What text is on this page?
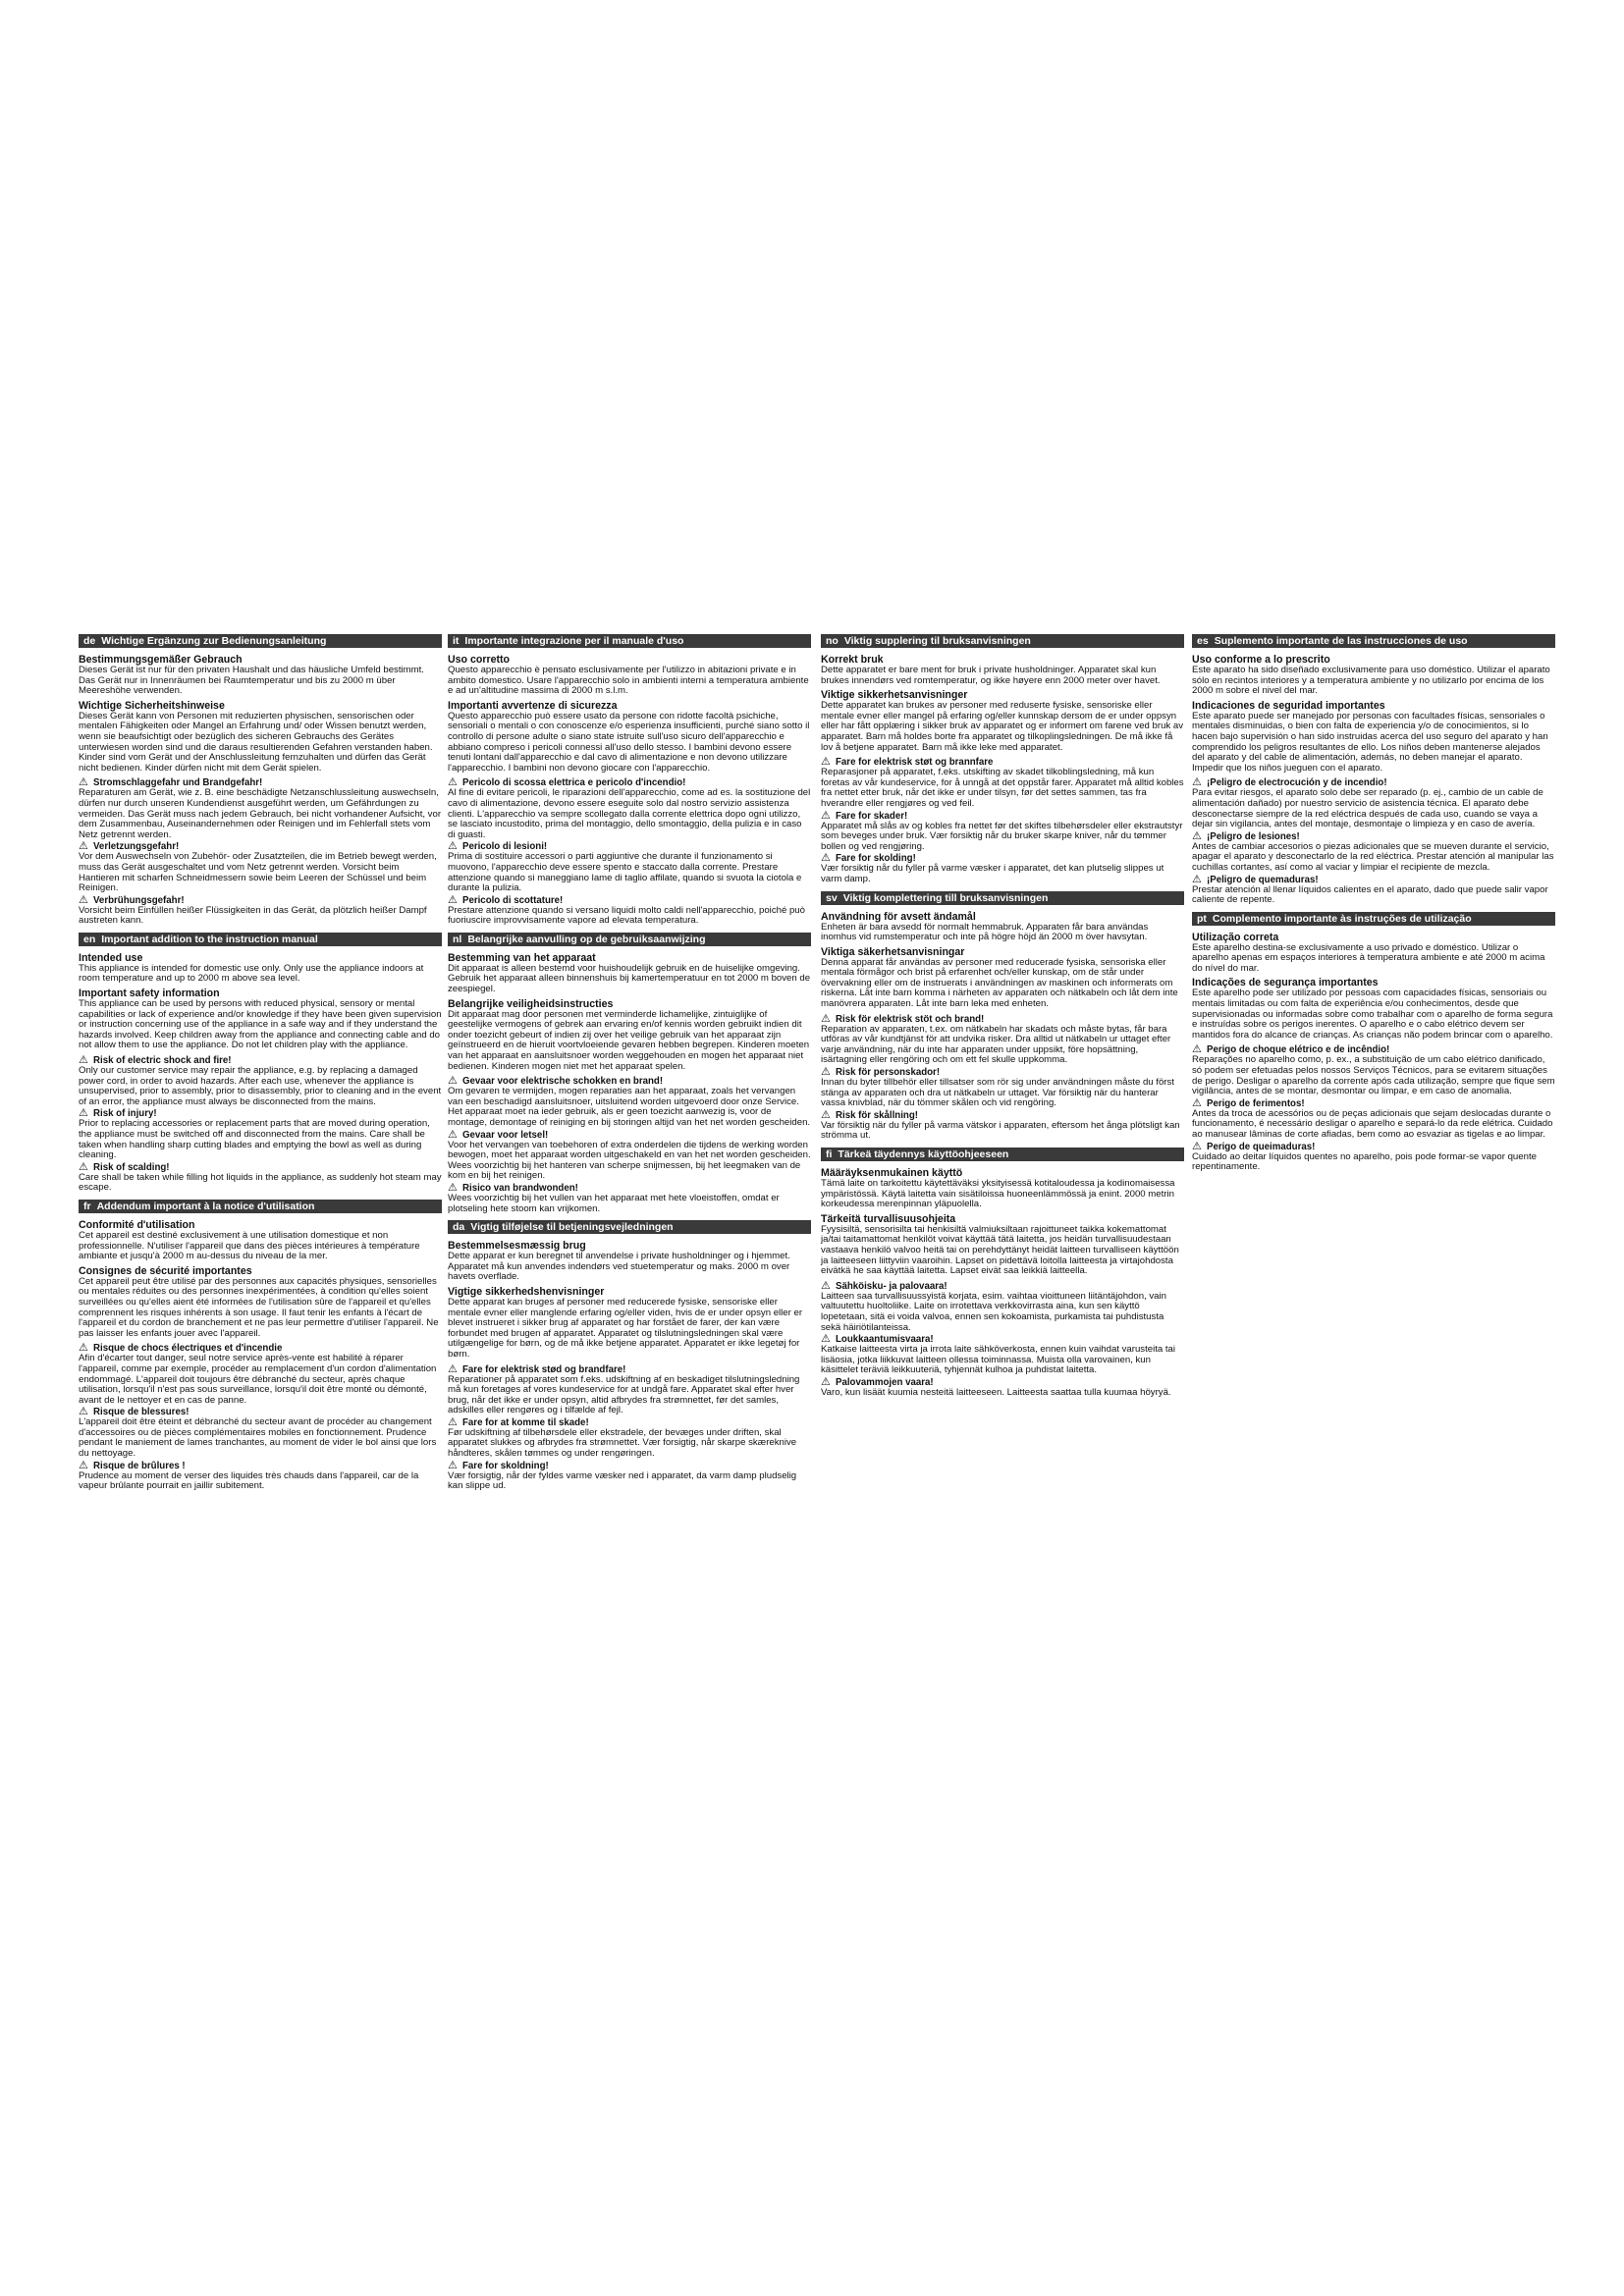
de Wichtige Ergänzung zur Bedienungsanleitung
Bestimmungsgemäßer Gebrauch
Dieses Gerät ist nur für den privaten Haushalt und das häusliche Umfeld bestimmt. Das Gerät nur in Innenräumen bei Raumtemperatur und bis zu 2000 m über Meereshöhe verwenden.
Wichtige Sicherheitshinweise
Dieses Gerät kann von Personen mit reduzierten physischen, sensorischen oder mentalen Fähigkeiten oder Mangel an Erfahrung und/ oder Wissen benutzt werden, wenn sie beaufsichtigt oder bezüglich des sicheren Gebrauchs des Gerätes unterwiesen worden sind und die daraus resultierenden Gefahren verstanden haben. Kinder sind vom Gerät und der Anschlussleitung fernzuhalten und dürfen das Gerät nicht bedienen. Kinder dürfen nicht mit dem Gerät spielen.
⚠ Stromschlaggefahr und Brandgefahr!
Reparaturen am Gerät, wie z. B. eine beschädigte Netzanschlussleitung auswechseln, dürfen nur durch unseren Kundendienst ausgeführt werden, um Gefährdungen zu vermeiden. Das Gerät muss nach jedem Gebrauch, bei nicht vorhandener Aufsicht, vor dem Zusammenbau, Auseinandernehmen oder Reinigen und im Fehlerfall stets vom Netz getrennt werden.
⚠ Verletzungsgefahr!
Vor dem Auswechseln von Zubehör- oder Zusatzteilen, die im Betrieb bewegt werden, muss das Gerät ausgeschaltet und vom Netz getrennt werden. Vorsicht beim Hantieren mit scharfen Schneidmessern sowie beim Leeren der Schüssel und beim Reinigen.
⚠ Verbrühungsgefahr!
Vorsicht beim Einfüllen heißer Flüssigkeiten in das Gerät, da plötzlich heißer Dampf austreten kann.
en Important addition to the instruction manual
Intended use
This appliance is intended for domestic use only. Only use the appliance indoors at room temperature and up to 2000 m above sea level.
Important safety information
This appliance can be used by persons with reduced physical, sensory or mental capabilities or lack of experience and/or knowledge if they have been given supervision or instruction concerning use of the appliance in a safe way and if they understand the hazards involved. Keep children away from the appliance and connecting cable and do not allow them to use the appliance. Do not let children play with the appliance.
⚠ Risk of electric shock and fire!
Only our customer service may repair the appliance, e.g. by replacing a damaged power cord, in order to avoid hazards. After each use, whenever the appliance is unsupervised, prior to assembly, prior to disassembly, prior to cleaning and in the event of an error, the appliance must always be disconnected from the mains.
⚠ Risk of injury!
Prior to replacing accessories or replacement parts that are moved during operation, the appliance must be switched off and disconnected from the mains. Care shall be taken when handling sharp cutting blades and emptying the bowl as well as during cleaning.
⚠ Risk of scalding!
Care shall be taken while filling hot liquids in the appliance, as suddenly hot steam may escape.
fr Addendum important à la notice d'utilisation
Conformité d'utilisation
Cet appareil est destiné exclusivement à une utilisation domestique et non professionnelle. N'utiliser l'appareil que dans des pièces intérieures à température ambiante et jusqu'à 2000 m au-dessus du niveau de la mer.
Consignes de sécurité importantes
Cet appareil peut être utilisé par des personnes aux capacités physiques, sensorielles ou mentales réduites ou des personnes inexpérimentées, à condition qu'elles soient surveillées ou qu'elles aient été informées de l'utilisation sûre de l'appareil et qu'elles comprennent les risques inhérents à son usage. Il faut tenir les enfants à l'écart de l'appareil et du cordon de branchement et ne pas leur permettre d'utiliser l'appareil. Ne pas laisser les enfants jouer avec l'appareil.
⚠ Risque de chocs électriques et d'incendie
Afin d'écarter tout danger, seul notre service après-vente est habilité à réparer l'appareil, comme par exemple, procéder au remplacement d'un cordon d'alimentation endommagé. L'appareil doit toujours être débranché du secteur, après chaque utilisation, lorsqu'il n'est pas sous surveillance, lorsqu'il doit être monté ou démonté, avant de le nettoyer et en cas de panne.
⚠ Risque de blessures!
L'appareil doit être éteint et débranché du secteur avant de procéder au changement d'accessoires ou de pièces complémentaires mobiles en fonctionnement. Prudence pendant le maniement de lames tranchantes, au moment de vider le bol ainsi que lors du nettoyage.
⚠ Risque de brûlures !
Prudence au moment de verser des liquides très chauds dans l'appareil, car de la vapeur brûlante pourrait en jaillir subitement.
it Importante integrazione per il manuale d'uso
Uso corretto
Questo apparecchio è pensato esclusivamente per l'utilizzo in abitazioni private e in ambito domestico. Usare l'apparecchio solo in ambienti interni a temperatura ambiente e ad un'altitudine massima di 2000 m s.l.m.
Importanti avvertenze di sicurezza
Questo apparecchio può essere usato da persone con ridotte facoltà psichiche, sensoriali o mentali o con conoscenze e/o esperienza insufficienti, purché siano sotto il controllo di persone adulte o siano state istruite sull'uso sicuro dell'apparecchio e abbiano compreso i pericoli connessi all'uso dello stesso. I bambini devono essere tenuti lontani dall'apparecchio e dal cavo di alimentazione e non devono utilizzare l'apparecchio. I bambini non devono giocare con l'apparecchio.
⚠ Pericolo di scossa elettrica e pericolo d'incendio!
Al fine di evitare pericoli, le riparazioni dell'apparecchio, come ad es. la sostituzione del cavo di alimentazione, devono essere eseguite solo dal nostro servizio assistenza clienti. L'apparecchio va sempre scollegato dalla corrente elettrica dopo ogni utilizzo, se lasciato incustodito, prima del montaggio, dello smontaggio, della pulizia e in caso di guasti.
⚠ Pericolo di lesioni!
Prima di sostituire accessori o parti aggiuntive che durante il funzionamento si muovono, l'apparecchio deve essere spento e staccato dalla corrente. Prestare attenzione quando si maneggiano lame di taglio affilate, quando si svuota la ciotola e durante la pulizia.
⚠ Pericolo di scottature!
Prestare attenzione quando si versano liquidi molto caldi nell'apparecchio, poiché può fuoriuscire improvvisamente vapore ad elevata temperatura.
nl Belangrijke aanvulling op de gebruiksaanwijzing
Bestemming van het apparaat
Dit apparaat is alleen bestemd voor huishoudelijk gebruik en de huiselijke omgeving. Gebruik het apparaat alleen binnenshuis bij kamertemperatuur en tot 2000 m boven de zeespiegel.
Belangrijke veiligheidsinstructies
Dit apparaat mag door personen met verminderde lichamelijke, zintuiglijke of geestelijke vermogens of gebrek aan ervaring en/of kennis worden gebruikt indien dit onder toezicht gebeurt of indien zij over het veilige gebruik van het apparaat zijn geïnstrueerd en de hieruit voortvloeiende gevaren hebben begrepen. Kinderen moeten van het apparaat en aansluitsnoer worden weggehouden en mogen het apparaat niet bedienen. Kinderen mogen niet met het apparaat spelen.
⚠ Gevaar voor elektrische schokken en brand!
Om gevaren te vermijden, mogen reparaties aan het apparaat, zoals het vervangen van een beschadigd aansluitsnoer, uitsluitend worden uitgevoerd door onze Service. Het apparaat moet na ieder gebruik, als er geen toezicht aanwezig is, voor de montage, demontage of reiniging en bij storingen altijd van het net worden gescheiden.
⚠ Gevaar voor letsel!
Voor het vervangen van toebehoren of extra onderdelen die tijdens de werking worden bewogen, moet het apparaat worden uitgeschakeld en van het net worden gescheiden. Wees voorzichtig bij het hanteren van scherpe snijmessen, bij het leegmaken van de kom en bij het reinigen.
⚠ Risico van brandwonden!
Wees voorzichtig bij het vullen van het apparaat met hete vloeistoffen, omdat er plotseling hete stoom kan vrijkomen.
da Vigtig tilføjelse til betjeningsvejledningen
Bestemmelsesmæssig brug
Dette apparat er kun beregnet til anvendelse i private husholdninger og i hjemmet. Apparatet må kun anvendes indendørs ved stuetemperatur og maks. 2000 m over havets overflade.
Vigtige sikkerhedshenvisninger
Dette apparat kan bruges af personer med reducerede fysiske, sensoriske eller mentale evner eller manglende erfaring og/eller viden, hvis de er under opsyn eller er blevet instrueret i sikker brug af apparatet og har forstået de farer, der kan være forbundet med brugen af apparatet. Apparatet og tilslutningsledningen skal være utilgængelige for børn, og de må ikke betjene apparatet. Apparatet er ikke legetøj for børn.
⚠ Fare for elektrisk stød og brandfare!
Reparationer på apparatet som f.eks. udskiftning af en beskadiget tilslutningsledning må kun foretages af vores kundeservice for at undgå fare. Apparatet skal efter hver brug, når det ikke er under opsyn, altid afbrydes fra strømnettet, før det samles, adskilles eller rengøres og i tilfælde af fejl.
⚠ Fare for at komme til skade!
Før udskiftning af tilbehørsdele eller ekstradele, der bevæges under driften, skal apparatet slukkes og afbrydes fra strømnettet. Vær forsigtig, når skarpe skæreknive håndteres, skålen tømmes og under rengøringen.
⚠ Fare for skoldning!
Vær forsigtig, når der fyldes varme væsker ned i apparatet, da varm damp pludselig kan slippe ud.
no Viktig supplering til bruksanvisningen
Korrekt bruk
Dette apparatet er bare ment for bruk i private husholdninger. Apparatet skal kun brukes innendørs ved romtemperatur, og ikke høyere enn 2000 meter over havet.
Viktige sikkerhetsanvisninger
Dette apparatet kan brukes av personer med reduserte fysiske, sensoriske eller mentale evner eller mangel på erfaring og/eller kunnskap dersom de er under oppsyn eller har fått opplæring i sikker bruk av apparatet og er informert om farene ved bruk av apparatet. Barn må holdes borte fra apparatet og tilkoplingsledningen. De må ikke få lov å betjene apparatet. Barn må ikke leke med apparatet.
⚠ Fare for elektrisk støt og brannfare
Reparasjoner på apparatet, f.eks. utskifting av skadet tilkoblingsledning, må kun foretas av vår kundeservice, for å unngå at det oppstår farer. Apparatet må alltid kobles fra nettet etter bruk, når det ikke er under tilsyn, før det settes sammen, tas fra hverandre eller rengjøres og ved feil.
⚠ Fare for skader!
Apparatet må slås av og kobles fra nettet før det skiftes tilbehørsdeler eller ekstrautstyr som beveges under bruk. Vær forsiktig når du bruker skarpe kniver, når du tømmer bollen og ved rengjøring.
⚠ Fare for skolding!
Vær forsiktig når du fyller på varme væsker i apparatet, det kan plutselig slippes ut varm damp.
sv Viktig komplettering till bruksanvisningen
Användning för avsett ändamål
Enheten är bara avsedd för normalt hemmabruk. Apparaten får bara användas inomhus vid rumstemperatur och inte på högre höjd än 2000 m över havsytan.
Viktiga säkerhetsanvisningar
Denna apparat får användas av personer med reducerade fysiska, sensoriska eller mentala förmågor och brist på erfarenhet och/eller kunskap, om de står under övervakning eller om de instruerats i användningen av maskinen och informerats om riskerna. Låt inte barn komma i närheten av apparaten och nätkabeln och låt dem inte manövrera apparaten. Låt inte barn leka med enheten.
⚠ Risk för elektrisk stöt och brand!
Reparation av apparaten, t.ex. om nätkabeln har skadats och måste bytas, får bara utföras av vår kundtjänst för att undvika risker. Dra alltid ut nätkabeln ur uttaget efter varje användning, när du inte har apparaten under uppsikt, före hopsättning, isärtagning eller rengöring och om ett fel skulle uppkomma.
⚠ Risk för personskador!
Innan du byter tillbehör eller tillsatser som rör sig under användningen måste du först stänga av apparaten och dra ut nätkabeln ur uttaget. Var försiktig när du hanterar vassa knivblad, när du tömmer skålen och vid rengöring.
⚠ Risk för skållning!
Var försiktig när du fyller på varma vätskor i apparaten, eftersom het ånga plötsligt kan strömma ut.
fi Tärkeä täydennys käyttöohjeeseen
Määräyksenmukainen käyttö
Tämä laite on tarkoitettu käytettäväksi yksityisessä kotitaloudessa ja kodinomaisessa ympäristössä. Käytä laitetta vain sisätiloissa huoneenlämmössä ja enint. 2000 metrin korkeudessa merenpinnan yläpuolella.
Tärkeitä turvallisuusohjeita
Fyysisiltä, sensorisilta tai henkisiltä valmiuksiltaan rajoittuneet taikka kokemattomat ja/tai taitamattomat henkilöt voivat käyttää tätä laitetta, jos heidän turvallisuudestaan vastaava henkilö valvoo heitä tai on perehdyttänyt heidät laitteen turvalliseen käyttöön ja laitteeseen liittyviin vaaroihin. Lapset on pidettävä loitolla laitteesta ja virtajohdosta eivätkä he saa käyttää laitetta. Lapset eivät saa leikkiä laitteella.
⚠ Sähköisku- ja palovaara!
Laitteen saa turvallisuussyistä korjata, esim. vaihtaa vioittuneen liitäntäjohdon, vain valtuutettu huoltoliike. Laite on irrotettava verkkovirrasta aina, kun sen käyttö lopetetaan, sitä ei voida valvoa, ennen sen kokoamista, purkamista tai puhdistusta sekä häiriötilanteissa.
⚠ Loukkaantumisvaara!
Katkaise laitteesta virta ja irrota laite sähköverkosta, ennen kuin vaihdat varusteita tai lisäosia, jotka liikkuvat laitteen ollessa toiminnassa. Muista olla varovainen, kun käsittelet teräviä leikkuuteriä, tyhjennät kulhoa ja puhdistat laitetta.
⚠ Palovammojen vaara!
Varo, kun lisäät kuumia nesteitä laitteeseen. Laitteesta saattaa tulla kuumaa höyryä.
es Suplemento importante de las instrucciones de uso
Uso conforme a lo prescrito
Este aparato ha sido diseñado exclusivamente para uso doméstico. Utilizar el aparato sólo en recintos interiores y a temperatura ambiente y no utilizarlo por encima de los 2000 m sobre el nivel del mar.
Indicaciones de seguridad importantes
Este aparato puede ser manejado por personas con facultades físicas, sensoriales o mentales disminuidas, o bien con falta de experiencia y/o de conocimientos, si lo hacen bajo supervisión o han sido instruidas acerca del uso seguro del aparato y han comprendido los peligros resultantes de ello. Los niños deben mantenerse alejados del aparato y del cable de alimentación, además, no deben manejar el aparato. Impedir que los niños jueguen con el aparato.
⚠ ¡Peligro de electrocución y de incendio!
Para evitar riesgos, el aparato solo debe ser reparado (p. ej., cambio de un cable de alimentación dañado) por nuestro servicio de asistencia técnica. El aparato debe desconectarse siempre de la red eléctrica después de cada uso, cuando se vaya a dejar sin vigilancia, antes del montaje, desmontaje o limpieza y en caso de avería.
⚠ ¡Peligro de lesiones!
Antes de cambiar accesorios o piezas adicionales que se mueven durante el servicio, apagar el aparato y desconectarlo de la red eléctrica. Prestar atención al manipular las cuchillas cortantes, así como al vaciar y limpiar el recipiente de mezcla.
⚠ ¡Peligro de quemaduras!
Prestar atención al llenar líquidos calientes en el aparato, dado que puede salir vapor caliente de repente.
pt Complemento importante às instruções de utilização
Utilização correta
Este aparelho destina-se exclusivamente a uso privado e doméstico. Utilizar o aparelho apenas em espaços interiores à temperatura ambiente e até 2000 m acima do nível do mar.
Indicações de segurança importantes
Este aparelho pode ser utilizado por pessoas com capacidades físicas, sensoriais ou mentais limitadas ou com falta de experiência e/ou conhecimentos, desde que supervisionadas ou informadas sobre como trabalhar com o aparelho de forma segura e instruídas sobre os perigos inerentes. O aparelho e o cabo elétrico devem ser mantidos fora do alcance de crianças. As crianças não podem brincar com o aparelho.
⚠ Perigo de choque elétrico e de incêndio!
Reparações no aparelho como, p. ex., a substituição de um cabo elétrico danificado, só podem ser efetuadas pelos nossos Serviços Técnicos, para se evitarem situações de perigo. Desligar o aparelho da corrente após cada utilização, sempre que fique sem vigilância, antes de se montar, desmontar ou limpar, e em caso de anomalia.
⚠ Perigo de ferimentos!
Antes da troca de acessórios ou de peças adicionais que sejam deslocadas durante o funcionamento, é necessário desligar o aparelho e separá-lo da rede elétrica. Cuidado ao manusear lâminas de corte afiadas, bem como ao esvaziar as tigelas e ao limpar.
⚠ Perigo de queimaduras!
Cuidado ao deitar líquidos quentes no aparelho, pois pode formar-se vapor quente repentinamente.
